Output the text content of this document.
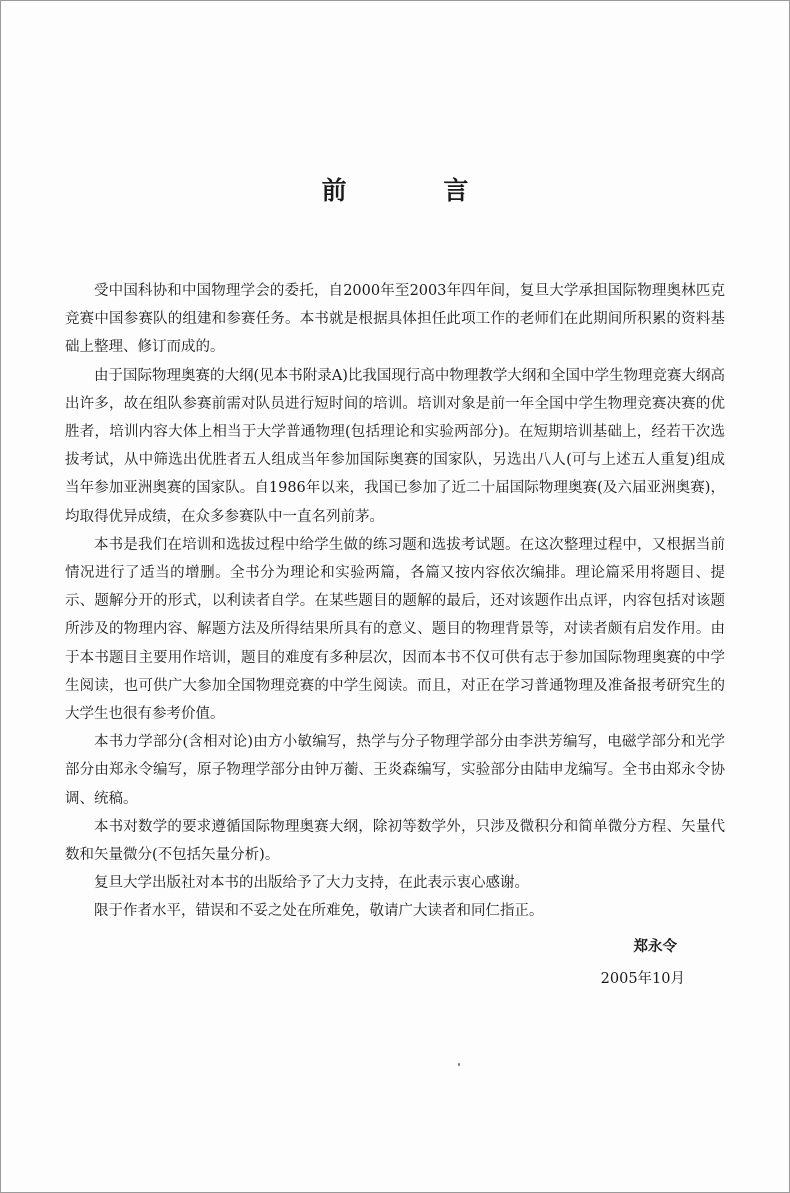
前 言

受中国科协和中国物理学会的委托，自2000年至2003年四年间，复旦大学承担国际物理奥林匹克竞赛中国参赛队的组建和参赛任务。本书就是根据具体担任此项工作的老师们在此期间所积累的资料基础上整理、修订而成的。

由于国际物理奥赛的大纲(见本书附录A)比我国现行高中物理教学大纲和全国中学生物理竞赛大纲高出许多，故在组队参赛前需对队员进行短时间的培训。培训对象是前一年全国中学生物理竞赛决赛的优胜者，培训内容大体上相当于大学普通物理(包括理论和实验两部分)。在短期培训基础上，经若干次选拔考试，从中筛选出优胜者五人组成当年参加国际奥赛的国家队，另选出八人(可与上述五人重复)组成当年参加亚洲奥赛的国家队。自1986年以来，我国已参加了近二十届国际物理奥赛(及六届亚洲奥赛)，均取得优异成绩，在众多参赛队中一直名列前茅。

本书是我们在培训和选拔过程中给学生做的练习题和选拔考试题。在这次整理过程中，又根据当前情况进行了适当的增删。全书分为理论和实验两篇，各篇又按内容依次编排。理论篇采用将题目、提示、题解分开的形式，以利读者自学。在某些题目的题解的最后，还对该题作出点评，内容包括对该题所涉及的物理内容、解题方法及所得结果所具有的意义、题目的物理背景等，对读者颇有启发作用。由于本书题目主要用作培训，题目的难度有多种层次，因而本书不仅可供有志于参加国际物理奥赛的中学生阅读，也可供广大参加全国物理竞赛的中学生阅读。而且，对正在学习普通物理及准备报考研究生的大学生也很有参考价值。

本书力学部分(含相对论)由方小敏编写，热学与分子物理学部分由李洪芳编写，电磁学部分和光学部分由郑永令编写，原子物理学部分由钟万蘅、王炎森编写，实验部分由陆申龙编写。全书由郑永令协调、统稿。

本书对数学的要求遵循国际物理奥赛大纲，除初等数学外，只涉及微积分和简单微分方程、矢量代数和矢量微分(不包括矢量分析)。

复旦大学出版社对本书的出版给予了大力支持，在此表示衷心感谢。

限于作者水平，错误和不妥之处在所难免，敬请广大读者和同仁指正。

郑永令
2005年10月
